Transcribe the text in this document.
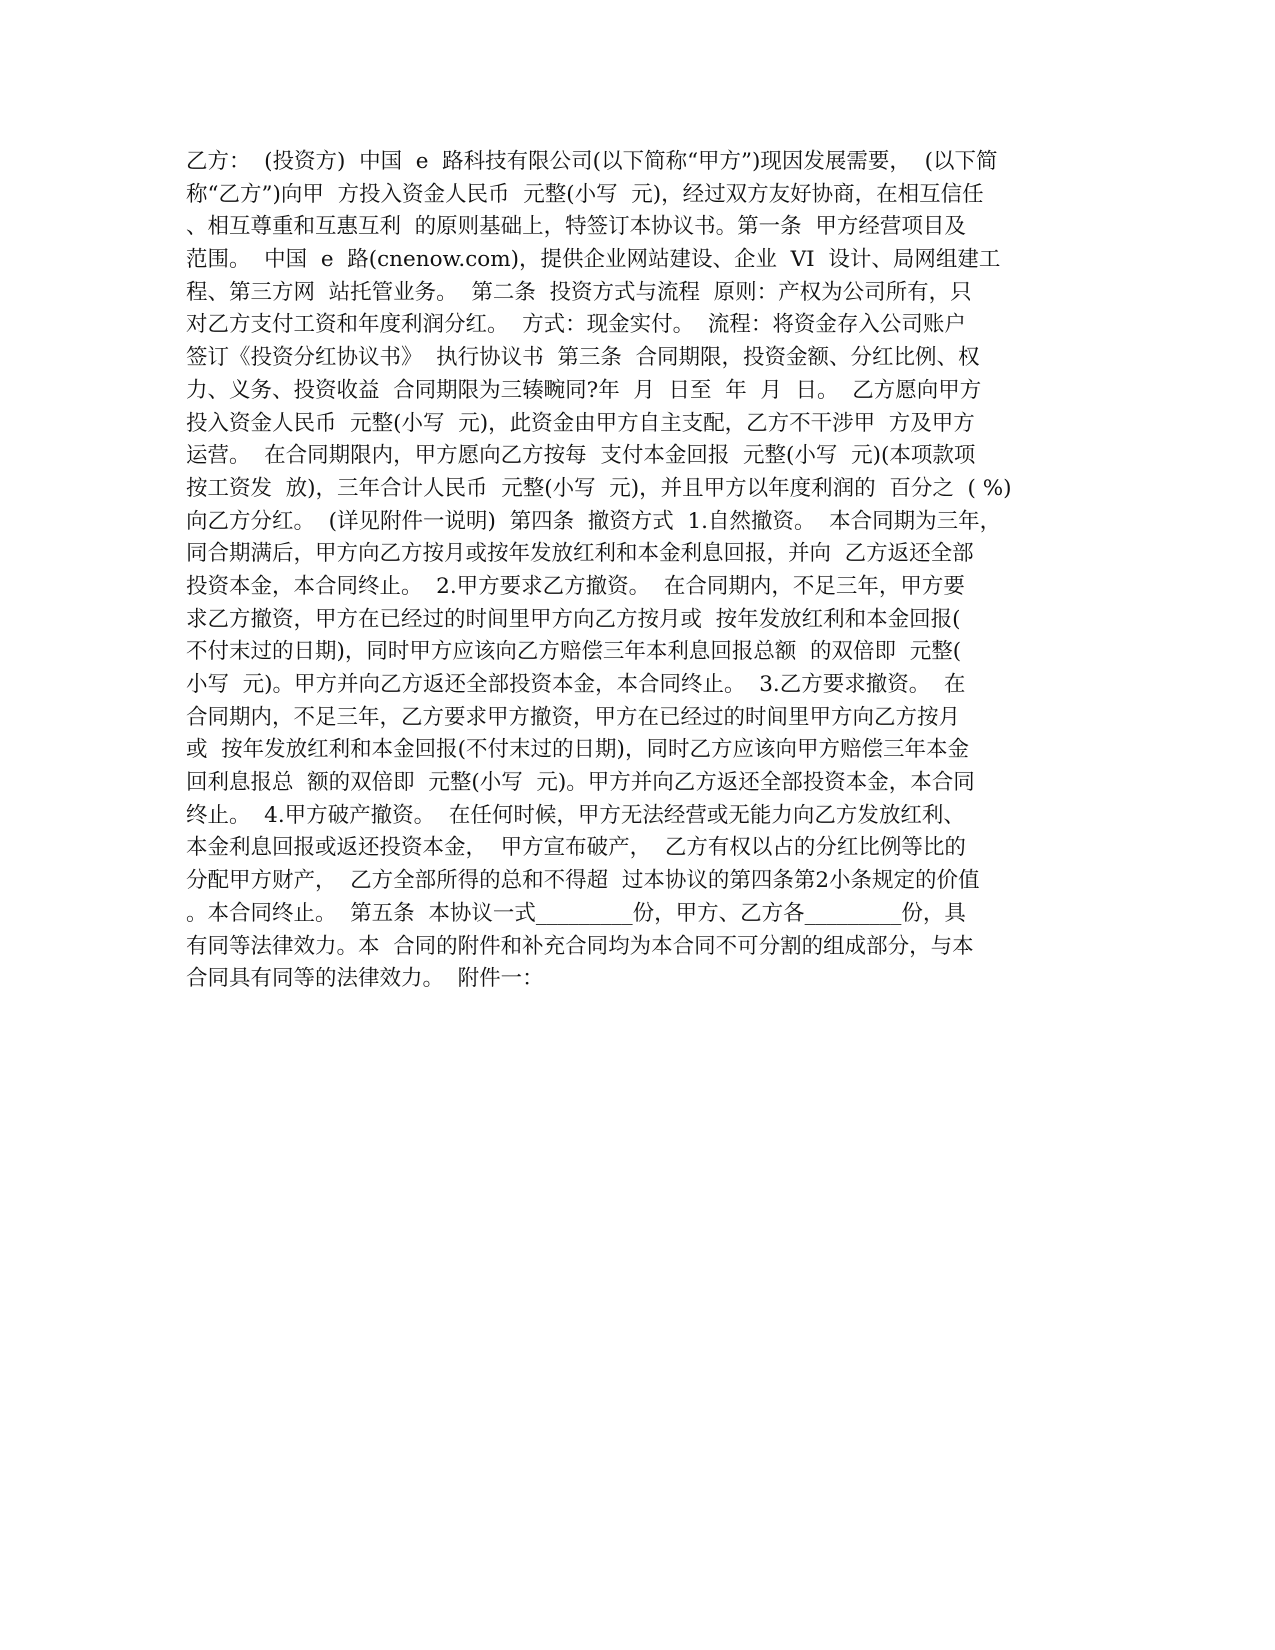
乙方：  (投资方)  中国  e  路科技有限公司(以下简称“甲方”)现因发展需要，  (以下简
称“乙方”)向甲  方投入资金人民币  元整(小写  元)，经过双方友好协商，在相互信任
、相互尊重和互惠互利  的原则基础上，特签订本协议书。第一条  甲方经营项目及
范围。  中国  e  路(cnenow.com)，提供企业网站建设、企业  VI  设计、局网组建工
程、第三方网  站托管业务。  第二条  投资方式与流程  原则：产权为公司所有，只
对乙方支付工资和年度利润分红。  方式：现金实付。  流程：将资金存入公司账户
签订《投资分红协议书》  执行协议书  第三条  合同期限，投资金额、分红比例、权
力、义务、投资收益  合同期限为三辏畹同?年  月  日至  年  月  日。  乙方愿向甲方
投入资金人民币  元整(小写  元)，此资金由甲方自主支配，乙方不干涉甲  方及甲方
运营。  在合同期限内，甲方愿向乙方按每  支付本金回报  元整(小写  元)(本项款项
按工资发  放)，三年合计人民币  元整(小写  元)，并且甲方以年度利润的  百分之  ( %)
向乙方分红。  (详见附件一说明)  第四条  撤资方式  1.自然撤资。  本合同期为三年，
同合期满后，甲方向乙方按月或按年发放红利和本金利息回报，并向  乙方返还全部
投资本金，本合同终止。  2.甲方要求乙方撤资。  在合同期内，不足三年，甲方要
求乙方撤资，甲方在已经过的时间里甲方向乙方按月或  按年发放红利和本金回报(
不付末过的日期)，同时甲方应该向乙方赔偿三年本利息回报总额  的双倍即  元整(
小写  元)。甲方并向乙方返还全部投资本金，本合同终止。  3.乙方要求撤资。  在
合同期内，不足三年，乙方要求甲方撤资，甲方在已经过的时间里甲方向乙方按月
或  按年发放红利和本金回报(不付末过的日期)，同时乙方应该向甲方赔偿三年本金
回利息报总  额的双倍即  元整(小写  元)。甲方并向乙方返还全部投资本金，本合同
终止。  4.甲方破产撤资。  在任何时候，甲方无法经营或无能力向乙方发放红利、
本金利息回报或返还投资本金，  甲方宣布破产，  乙方有权以占的分红比例等比的
分配甲方财产，  乙方全部所得的总和不得超  过本协议的第四条第2小条规定的价值
。本合同终止。  第五条  本协议一式_________份，甲方、乙方各_________份，具
有同等法律效力。本  合同的附件和补充合同均为本合同不可分割的组成部分，与本
合同具有同等的法律效力。  附件一：
